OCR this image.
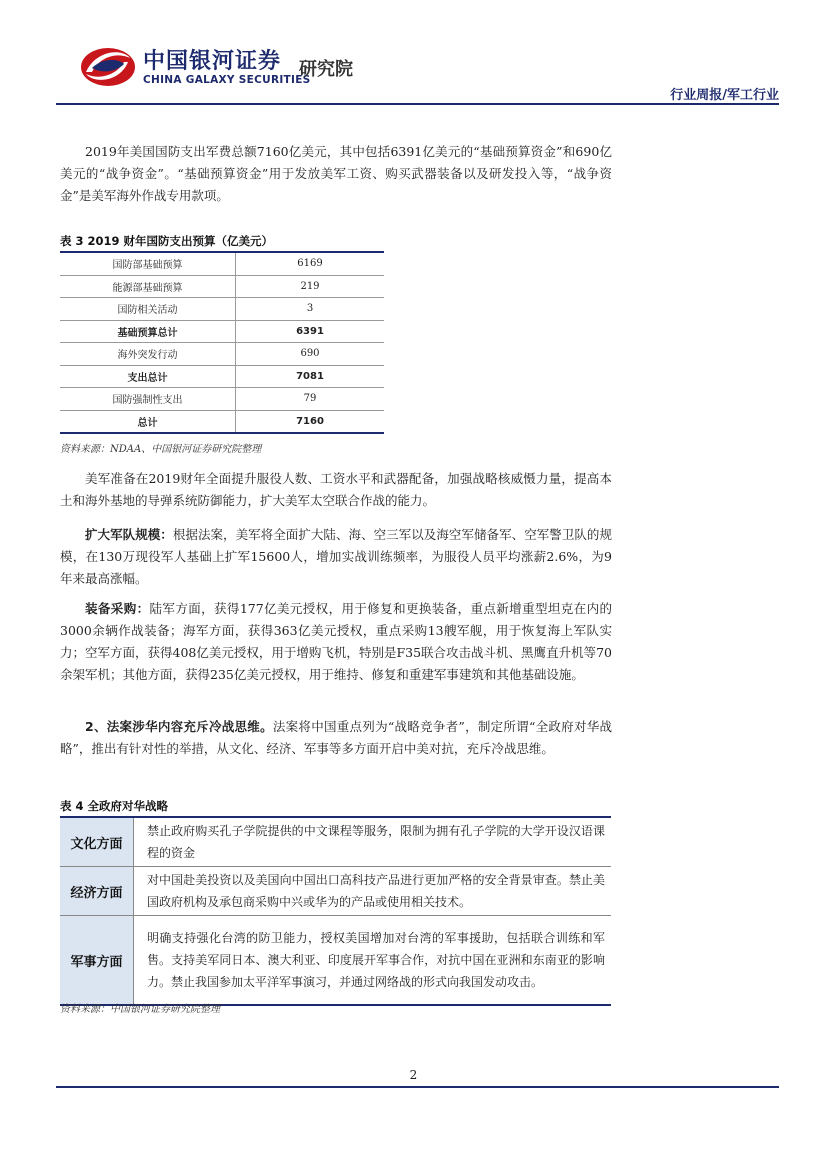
中国银河证券
CHINA GALAXY SECURITIES
研究院
行业周报/军工行业

2019年美国国防支出军费总额7160亿美元，其中包括6391亿美元的“基础预算资金”和690亿美元的“战争资金”。“基础预算资金”用于发放美军工资、购买武器装备以及研发投入等，“战争资金”是美军海外作战专用款项。

表 3 2019 财年国防支出预算（亿美元）
国防部基础预算	6169
能源部基础预算	219
国防相关活动	3
基础预算总计	6391
海外突发行动	690
支出总计	7081
国防强制性支出	79
总计	7160
资料来源：NDAA、中国银河证券研究院整理

美军准备在2019财年全面提升服役人数、工资水平和武器配备，加强战略核威慑力量，提高本土和海外基地的导弹系统防御能力，扩大美军太空联合作战的能力。

扩大军队规模：根据法案，美军将全面扩大陆、海、空三军以及海空军储备军、空军警卫队的规模，在130万现役军人基础上扩军15600人，增加实战训练频率，为服役人员平均涨薪2.6%，为9年来最高涨幅。

装备采购：陆军方面，获得177亿美元授权，用于修复和更换装备，重点新增重型坦克在内的3000余辆作战装备；海军方面，获得363亿美元授权，重点采购13艘军舰，用于恢复海上军队实力；空军方面，获得408亿美元授权，用于增购飞机，特别是F35联合攻击战斗机、黑鹰直升机等70余架军机；其他方面，获得235亿美元授权，用于维持、修复和重建军事建筑和其他基础设施。

2、法案涉华内容充斥冷战思维。法案将中国重点列为“战略竞争者”，制定所谓“全政府对华战略”，推出有针对性的举措，从文化、经济、军事等多方面开启中美对抗，充斥冷战思维。

表 4 全政府对华战略
文化方面	禁止政府购买孔子学院提供的中文课程等服务，限制为拥有孔子学院的大学开设汉语课程的资金
经济方面	对中国赴美投资以及美国向中国出口高科技产品进行更加严格的安全背景审查。禁止美国政府机构及承包商采购中兴或华为的产品或使用相关技术。
军事方面	明确支持强化台湾的防卫能力，授权美国增加对台湾的军事援助，包括联合训练和军售。支持美军同日本、澳大利亚、印度展开军事合作，对抗中国在亚洲和东南亚的影响力。禁止我国参加太平洋军事演习，并通过网络战的形式向我国发动攻击。
资料来源：中国银河证券研究院整理
2
